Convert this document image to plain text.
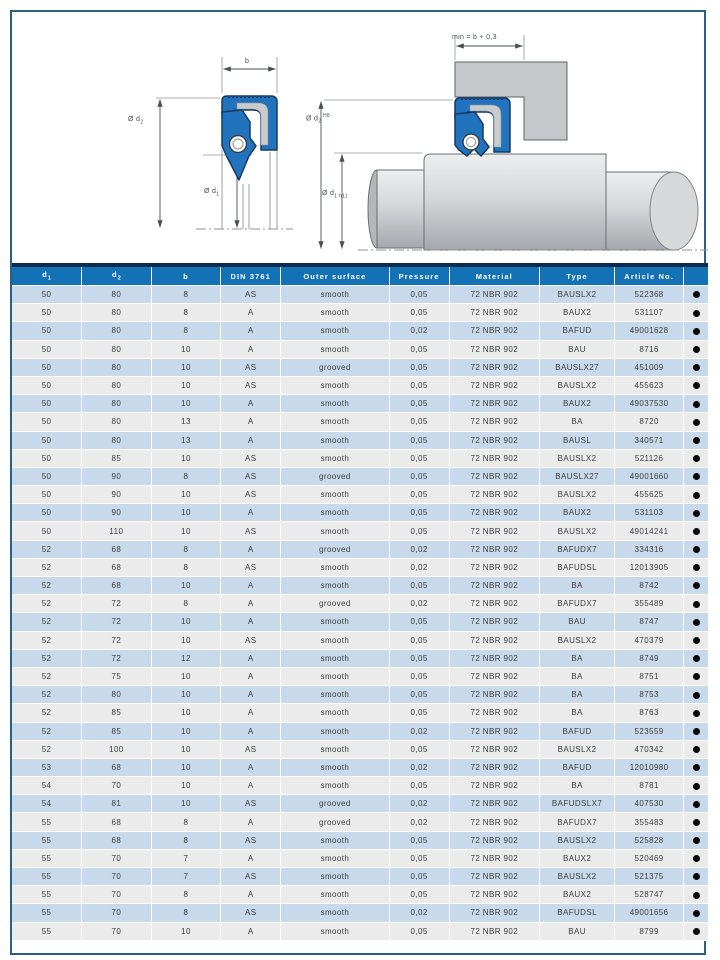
b
Ø $d_2$
Ø $d_1$
min = b + 0,3
Ø $d_2$ $^{H8}$
Ø $d_{1 h11}$
$d_1$	$d_2$	b	DIN 3761	Outer surface	Pressure	Material	Type	Article No.	
50	80	8	AS	smooth	0,05	72 NBR 902	BAUSLX2	522368	
50	80	8	A	smooth	0,05	72 NBR 902	BAUX2	531107	
50	80	8	A	smooth	0,02	72 NBR 902	BAFUD	49001628	
50	80	10	A	smooth	0,05	72 NBR 902	BAU	8716	
50	80	10	AS	grooved	0,05	72 NBR 902	BAUSLX27	451009	
50	80	10	AS	smooth	0,05	72 NBR 902	BAUSLX2	455623	
50	80	10	A	smooth	0,05	72 NBR 902	BAUX2	49037530	
50	80	13	A	smooth	0,05	72 NBR 902	BA	8720	
50	80	13	A	smooth	0,05	72 NBR 902	BAUSL	340571	
50	85	10	AS	smooth	0,05	72 NBR 902	BAUSLX2	521126	
50	90	8	AS	grooved	0,05	72 NBR 902	BAUSLX27	49001660	
50	90	10	AS	smooth	0,05	72 NBR 902	BAUSLX2	455625	
50	90	10	A	smooth	0,05	72 NBR 902	BAUX2	531103	
50	110	10	AS	smooth	0,05	72 NBR 902	BAUSLX2	49014241	
52	68	8	A	grooved	0,02	72 NBR 902	BAFUDX7	334316	
52	68	8	AS	smooth	0,02	72 NBR 902	BAFUDSL	12013905	
52	68	10	A	smooth	0,05	72 NBR 902	BA	8742	
52	72	8	A	grooved	0,02	72 NBR 902	BAFUDX7	355489	
52	72	10	A	smooth	0,05	72 NBR 902	BAU	8747	
52	72	10	AS	smooth	0,05	72 NBR 902	BAUSLX2	470379	
52	72	12	A	smooth	0,05	72 NBR 902	BA	8749	
52	75	10	A	smooth	0,05	72 NBR 902	BA	8751	
52	80	10	A	smooth	0,05	72 NBR 902	BA	8753	
52	85	10	A	smooth	0,05	72 NBR 902	BA	8763	
52	85	10	A	smooth	0,02	72 NBR 902	BAFUD	523559	
52	100	10	AS	smooth	0,05	72 NBR 902	BAUSLX2	470342	
53	68	10	A	smooth	0,02	72 NBR 902	BAFUD	12010980	
54	70	10	A	smooth	0,05	72 NBR 902	BA	8781	
54	81	10	AS	grooved	0,02	72 NBR 902	BAFUDSLX7	407530	
55	68	8	A	grooved	0,02	72 NBR 902	BAFUDX7	355483	
55	68	8	AS	smooth	0,05	72 NBR 902	BAUSLX2	525828	
55	70	7	A	smooth	0,05	72 NBR 902	BAUX2	520469	
55	70	7	AS	smooth	0,05	72 NBR 902	BAUSLX2	521375	
55	70	8	A	smooth	0,05	72 NBR 902	BAUX2	528747	
55	70	8	AS	smooth	0,02	72 NBR 902	BAFUDSL	49001656	
55	70	10	A	smooth	0,05	72 NBR 902	BAU	8799	
